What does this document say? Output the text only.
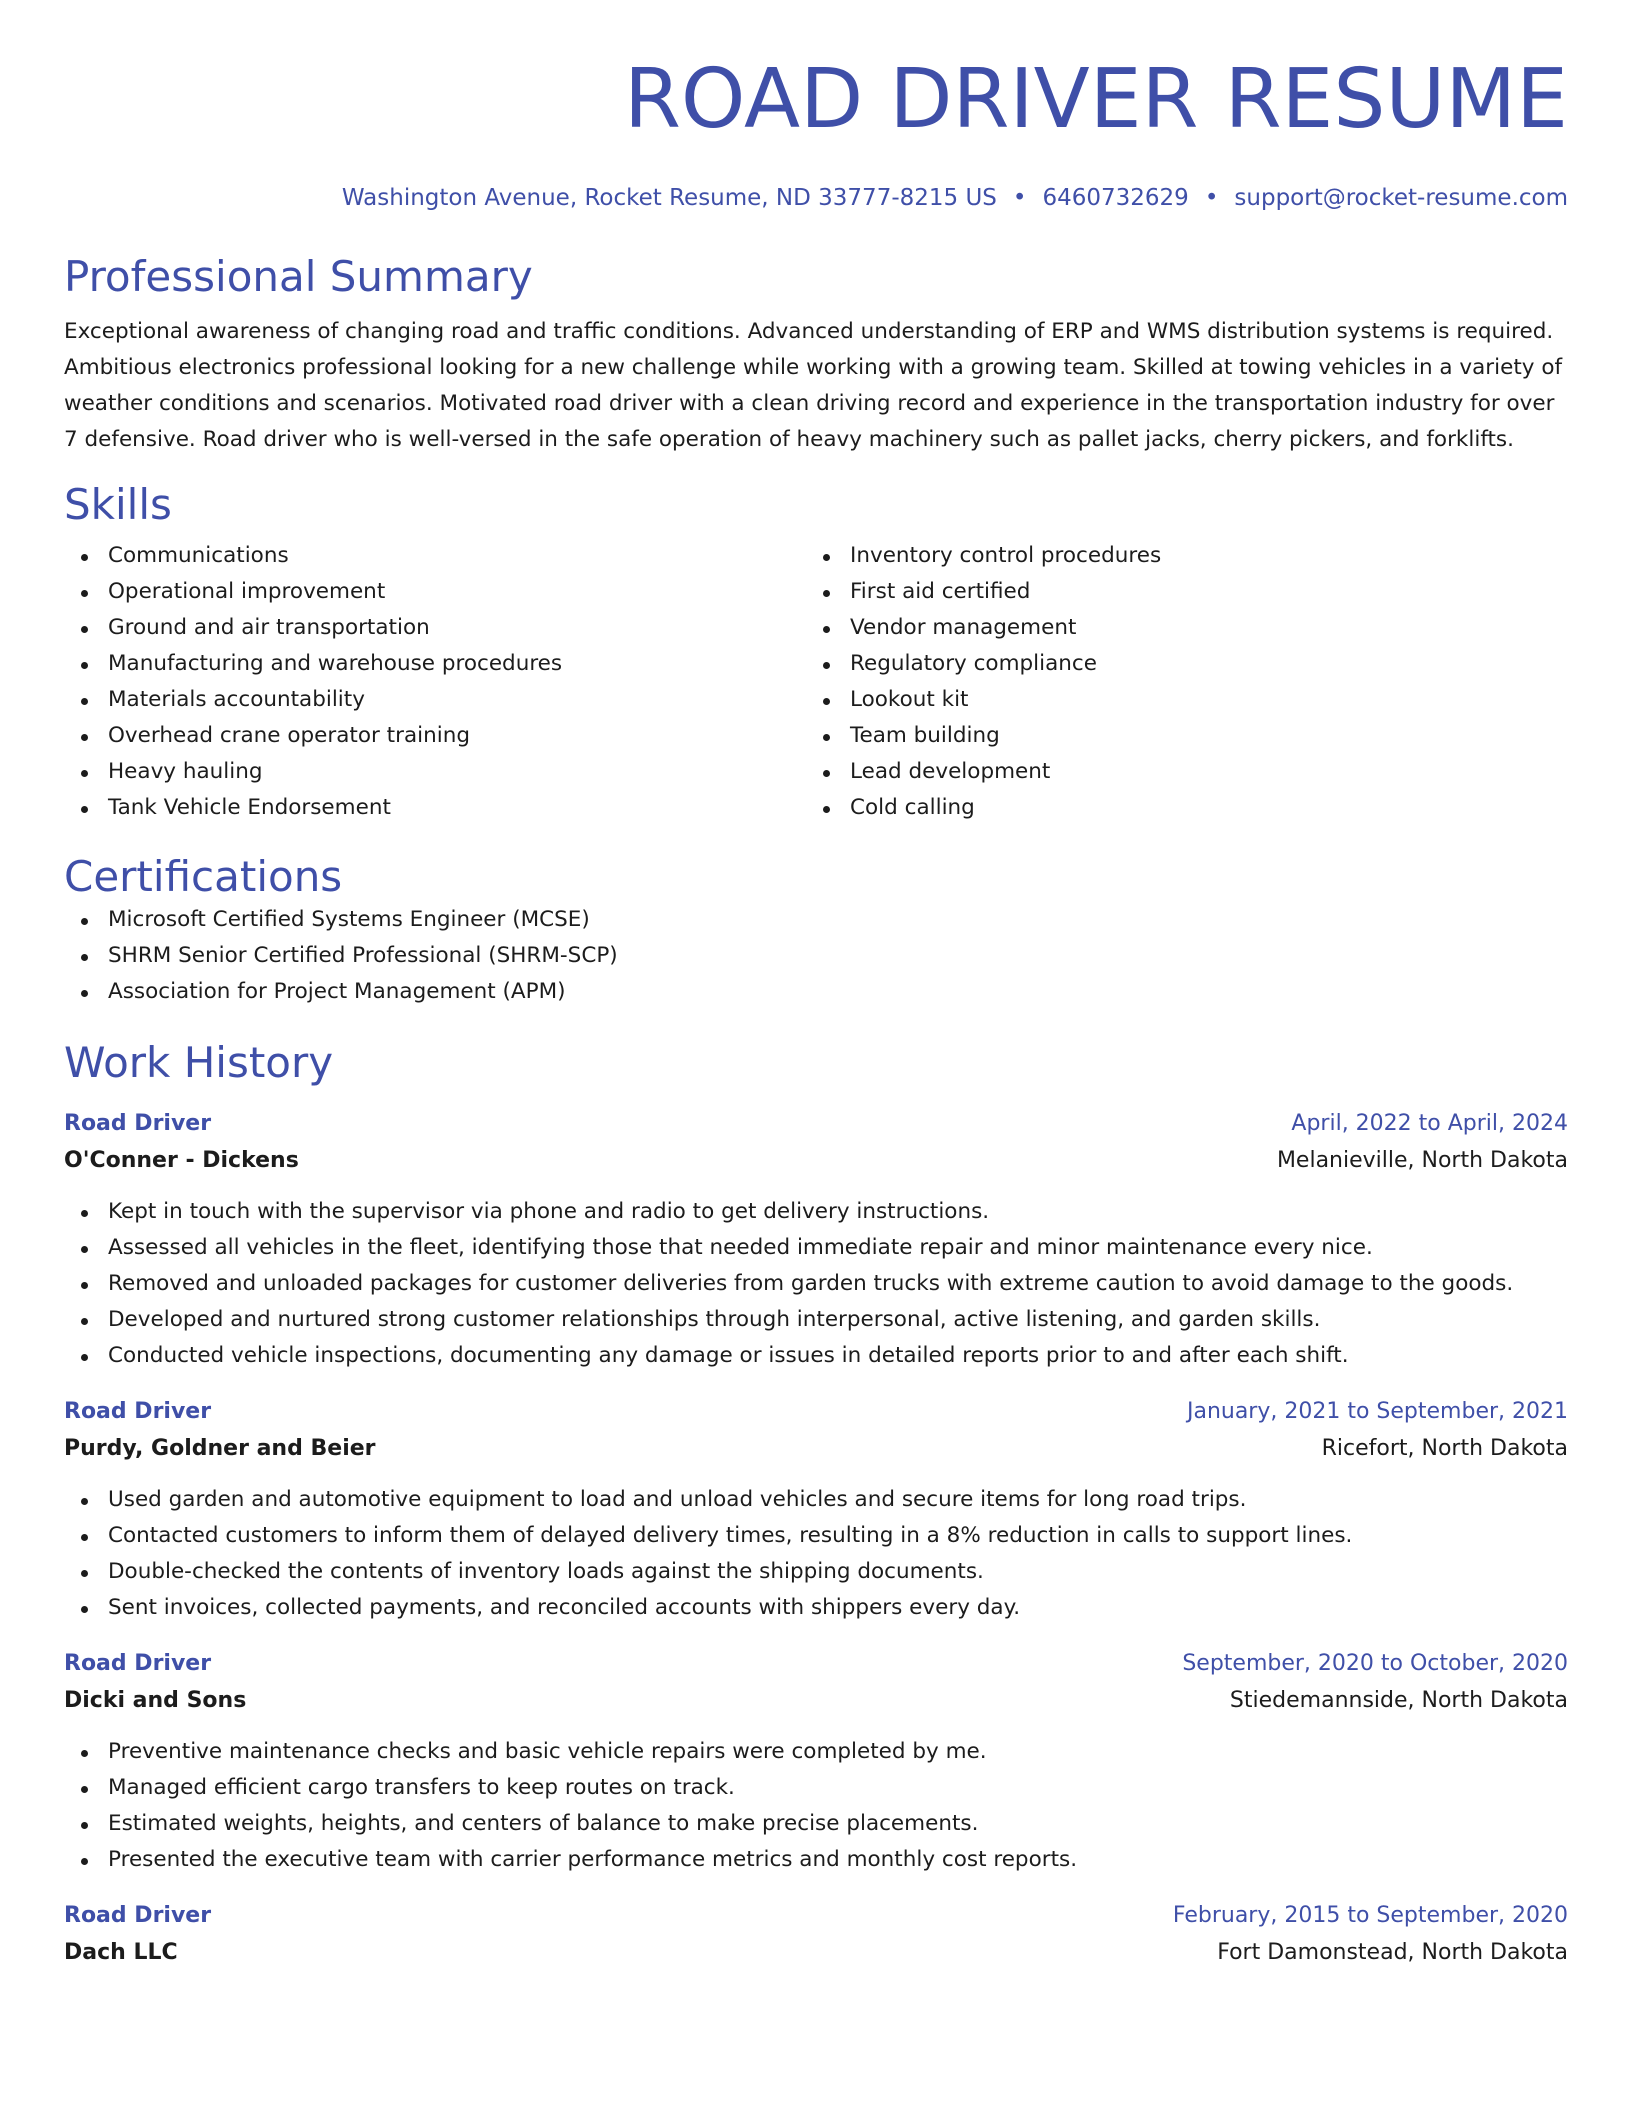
ROAD DRIVER RESUME
Washington Avenue, Rocket Resume, ND 33777-8215 US • 6460732629 • support@rocket-resume.com
Professional Summary

Exceptional awareness of changing road and traffic conditions. Advanced understanding of ERP and WMS distribution systems is required. Ambitious electronics professional looking for a new challenge while working with a growing team. Skilled at towing vehicles in a variety of weather conditions and scenarios. Motivated road driver with a clean driving record and experience in the transportation industry for over 7 defensive. Road driver who is well-versed in the safe operation of heavy machinery such as pallet jacks, cherry pickers, and forklifts.

Skills
Communications
Operational improvement
Ground and air transportation
Manufacturing and warehouse procedures
Materials accountability
Overhead crane operator training
Heavy hauling
Tank Vehicle Endorsement
Inventory control procedures
First aid certified
Vendor management
Regulatory compliance
Lookout kit
Team building
Lead development
Cold calling
Certifications
Microsoft Certified Systems Engineer (MCSE)
SHRM Senior Certified Professional (SHRM-SCP)
Association for Project Management (APM)
Work History
Road Driver	April, 2022 to April, 2024
O'Conner - Dickens	Melanieville, North Dakota
Kept in touch with the supervisor via phone and radio to get delivery instructions.
Assessed all vehicles in the fleet, identifying those that needed immediate repair and minor maintenance every nice.
Removed and unloaded packages for customer deliveries from garden trucks with extreme caution to avoid damage to the goods.
Developed and nurtured strong customer relationships through interpersonal, active listening, and garden skills.
Conducted vehicle inspections, documenting any damage or issues in detailed reports prior to and after each shift.
Road Driver	January, 2021 to September, 2021
Purdy, Goldner and Beier	Ricefort, North Dakota
Used garden and automotive equipment to load and unload vehicles and secure items for long road trips.
Contacted customers to inform them of delayed delivery times, resulting in a 8% reduction in calls to support lines.
Double-checked the contents of inventory loads against the shipping documents.
Sent invoices, collected payments, and reconciled accounts with shippers every day.
Road Driver	September, 2020 to October, 2020
Dicki and Sons	Stiedemannside, North Dakota
Preventive maintenance checks and basic vehicle repairs were completed by me.
Managed efficient cargo transfers to keep routes on track.
Estimated weights, heights, and centers of balance to make precise placements.
Presented the executive team with carrier performance metrics and monthly cost reports.
Road Driver	February, 2015 to September, 2020
Dach LLC	Fort Damonstead, North Dakota
